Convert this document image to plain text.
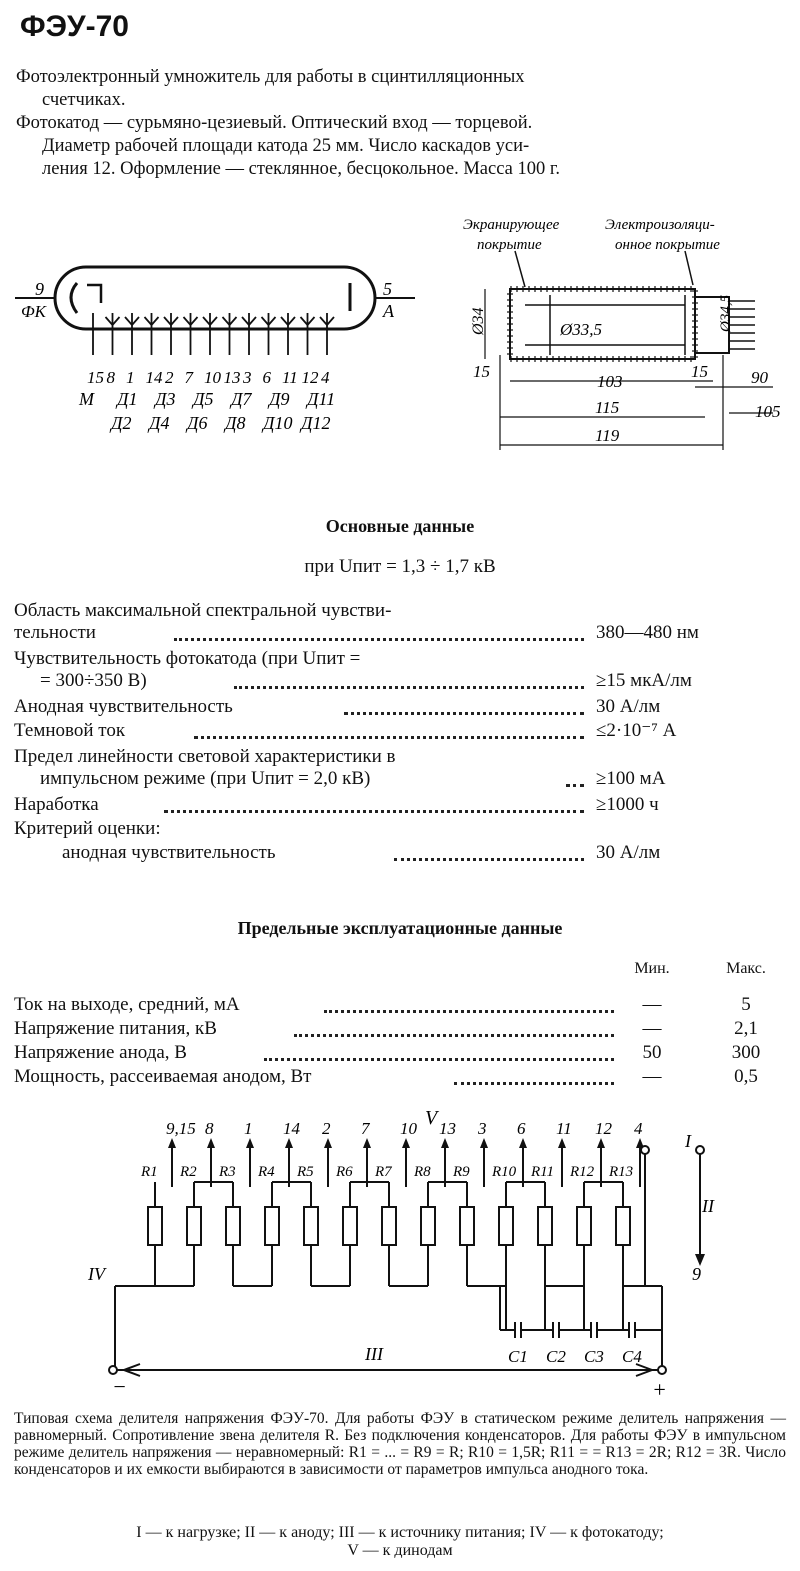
ФЭУ-70
Фотоэлектронный умножитель для работы в сцинтилляционных
счетчиках.
Фотокатод — сурьмяно-цезиевый. Оптический вход — торцевой.
Диаметр рабочей площади катода 25 мм. Число каскадов уси-
ления 12. Оформление — стеклянное, бесцокольное. Масса 100 г.
9
ФК
5
А
15 8 1 14 2 7 10 13 3 6 11 12 4
М Д1 Д3 Д5 Д7 Д9 Д11
Д2 Д4 Д6 Д8 Д10 Д12
Экранирующее
покрытие
Электроизоляци-
онное покрытие
Ø34	Ø33,5	Ø34,5
15
103
15
115
119
90
105
Основные данные
при Uпит = 1,3 ÷ 1,7 кВ
Область максимальной спектральной чувстви-
тельности	380—480 нм
Чувствительность фотокатода (при Uпит =
= 300÷350 В)	≥15 мкА/лм
Анодная чувствительность	30 А/лм
Темновой ток	≤2·10⁻⁷ А
Предел линейности световой характеристики в
импульсном режиме (при Uпит = 2,0 кВ)	≥100 мА
Наработка	≥1000 ч
Критерий оценки:
анодная чувствительность	30 А/лм
Предельные эксплуатационные данные
Мин.	Макс.
Ток на выходе, средний, мА	—	5
Напряжение питания, кВ	—	2,1
Напряжение анода, В	50	300
Мощность, рассеиваемая анодом, Вт	—	0,5
R1
9,15
R2
8
R3
1
R4
14
R5
2
R6
7
R7
10
R8
13
R9
3
R10
6
R11
11
R12
12
R13
4
C1 C2 C3 C4
V
IV
III
I
II
9
−	+
Типовая схема делителя напряжения ФЭУ-70. Для работы ФЭУ в статическом режиме делитель напряжения — равномерный. Сопротивление звена делителя R. Без подключения конденсаторов. Для работы ФЭУ в импульсном режиме делитель напряжения — неравномерный: R1 = ... = R9 = R; R10 = 1,5R; R11 = = R13 = 2R; R12 = 3R. Число конденсаторов и их емкости выбираются в зависимости от параметров импульса анодного тока.
I — к нагрузке; II — к аноду; III — к источнику питания; IV — к фотокатоду;
V — к динодам
